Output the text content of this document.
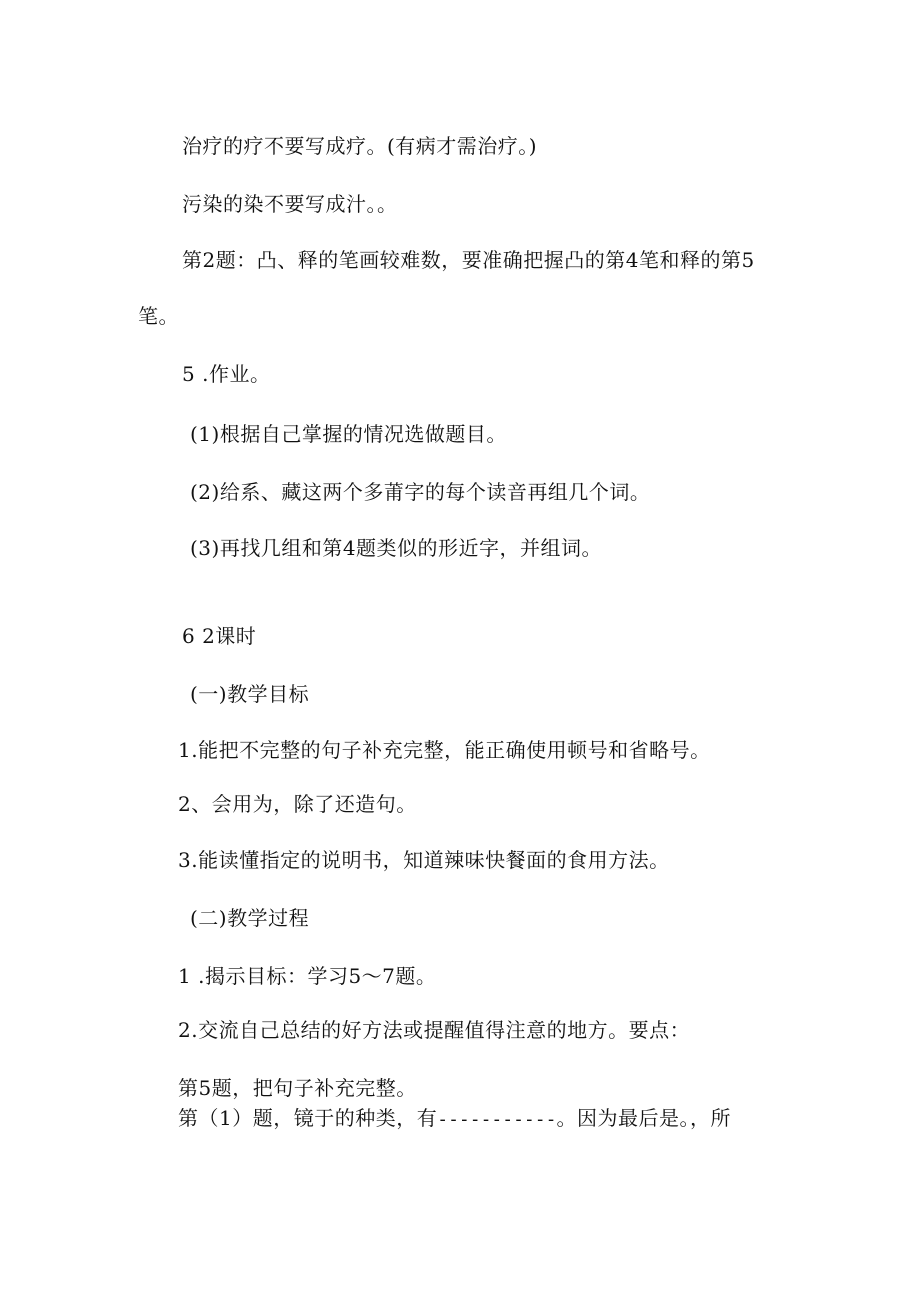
治疗的疗不要写成疗。(有病才需治疗。)
污染的染不要写成汁。。
第2题：凸、释的笔画较难数，要准确把握凸的第4笔和释的第5
笔。
5 .作业。
(1)根据自己掌握的情况选做题目。
(2)给系、藏这两个多莆字的每个读音再组几个词。
(3)再找几组和第4题类似的形近字，并组词。
6 2课时
(一)教学目标
1.能把不完整的句子补充完整，能正确使用顿号和省略号。
2、会用为，除了还造句。
3.能读懂指定的说明书，知道辣味快餐面的食用方法。
(二)教学过程
1 .揭示目标：学习5〜7题。
2.交流自己总结的好方法或提醒值得注意的地方。要点：
第5题，把句子补充完整。
第（1）题，镜于的种类，有-----------。因为最后是。，所
